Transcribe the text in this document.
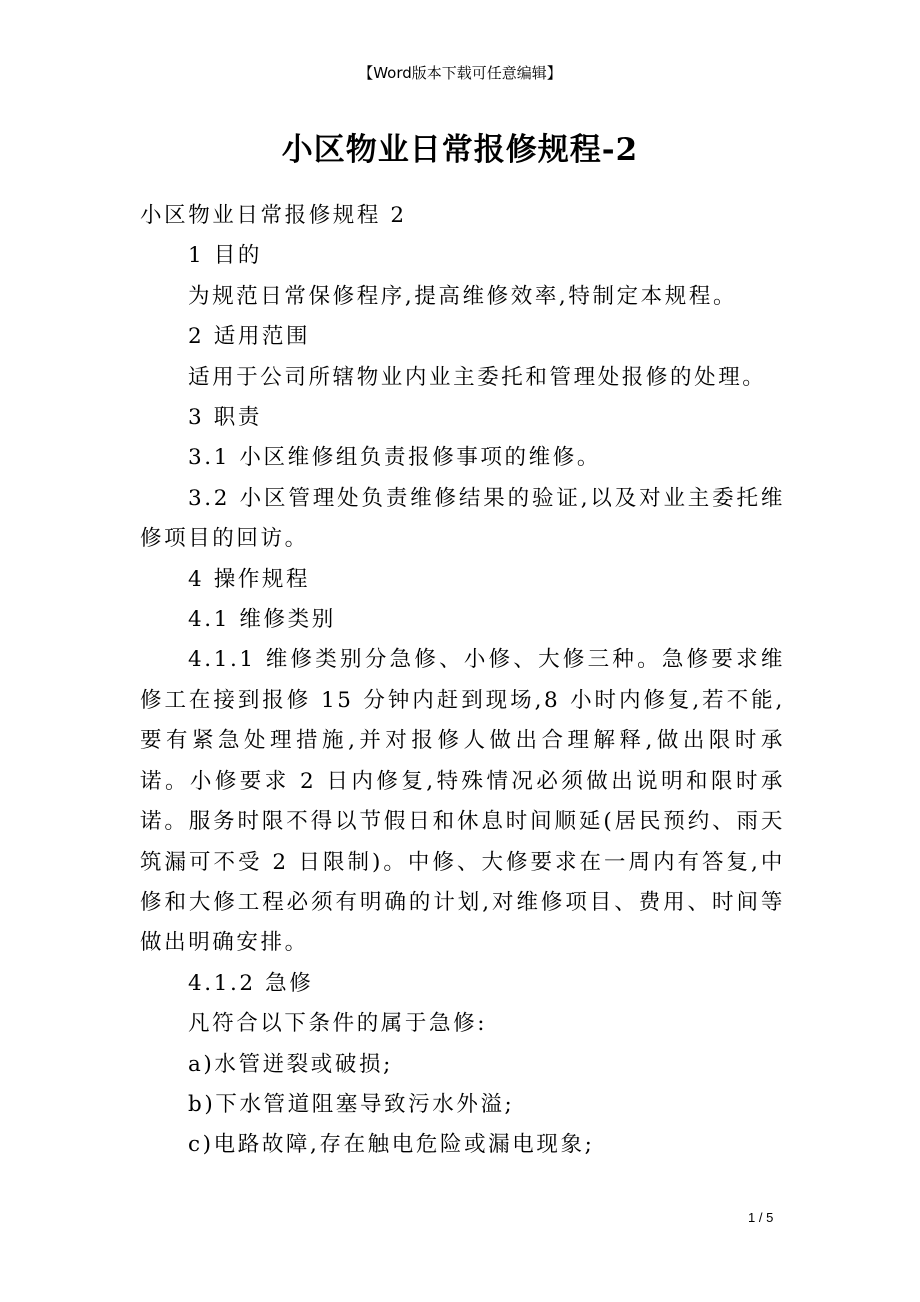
【Word版本下载可任意编辑】
小区物业日常报修规程-2

小区物业日常报修规程 2

1 目的

为规范日常保修程序,提高维修效率,特制定本规程。

2 适用范围

适用于公司所辖物业内业主委托和管理处报修的处理。

3 职责

3.1 小区维修组负责报修事项的维修。

3.2 小区管理处负责维修结果的验证,以及对业主委托维修项目的回访。

4 操作规程

4.1 维修类别

4.1.1 维修类别分急修、小修、大修三种。急修要求维修工在接到报修 15 分钟内赶到现场,8 小时内修复,若不能,要有紧急处理措施,并对报修人做出合理解释,做出限时承诺。小修要求 2 日内修复,特殊情况必须做出说明和限时承诺。服务时限不得以节假日和休息时间顺延(居民预约、雨天筑漏可不受 2 日限制)。中修、大修要求在一周内有答复,中修和大修工程必须有明确的计划,对维修项目、费用、时间等做出明确安排。

4.1.2 急修

凡符合以下条件的属于急修:

a)水管迸裂或破损;

b)下水管道阻塞导致污水外溢;

c)电路故障,存在触电危险或漏电现象;

1 / 5
